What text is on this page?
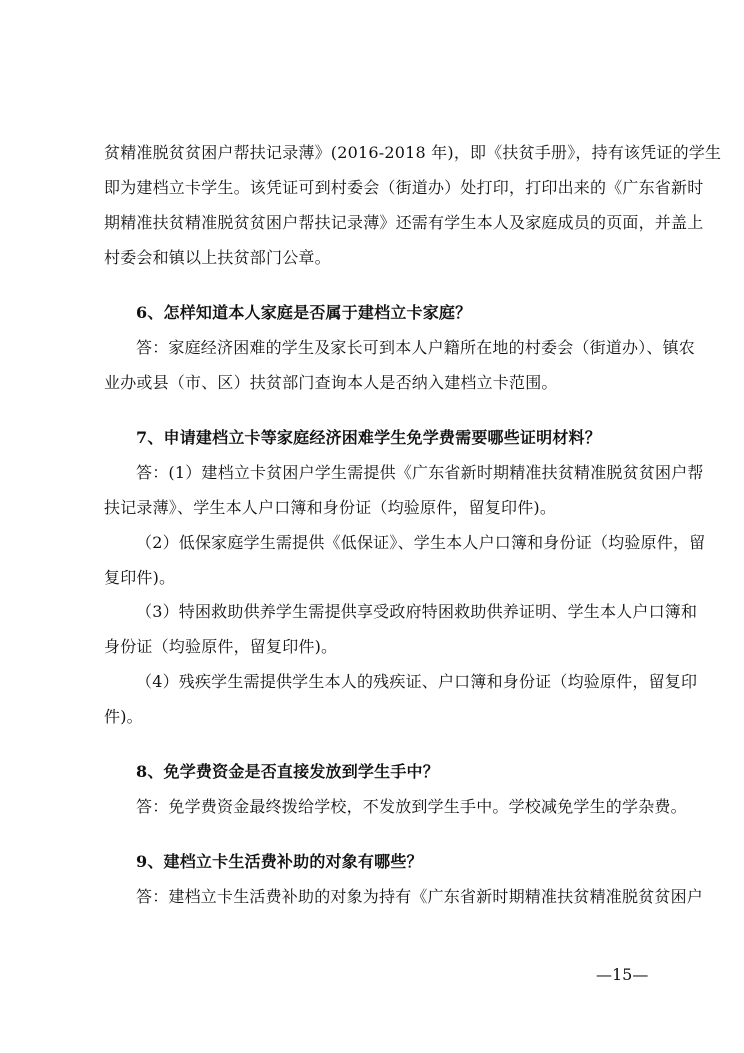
贫精准脱贫贫困户帮扶记录薄》(2016-2018 年)，即《扶贫手册》，持有该凭证的学生
即为建档立卡学生。该凭证可到村委会（街道办）处打印，打印出来的《广东省新时
期精准扶贫精准脱贫贫困户帮扶记录薄》还需有学生本人及家庭成员的页面，并盖上
村委会和镇以上扶贫部门公章。
6、怎样知道本人家庭是否属于建档立卡家庭？
答：家庭经济困难的学生及家长可到本人户籍所在地的村委会（街道办）、镇农
业办或县（市、区）扶贫部门查询本人是否纳入建档立卡范围。
7、申请建档立卡等家庭经济困难学生免学费需要哪些证明材料？
答：(1）建档立卡贫困户学生需提供《广东省新时期精准扶贫精准脱贫贫困户帮
扶记录薄》、学生本人户口簿和身份证（均验原件，留复印件)。
（2）低保家庭学生需提供《低保证》、学生本人户口簿和身份证（均验原件，留
复印件)。
（3）特困救助供养学生需提供享受政府特困救助供养证明、学生本人户口簿和
身份证（均验原件，留复印件)。
（4）残疾学生需提供学生本人的残疾证、户口簿和身份证（均验原件，留复印
件)。
8、免学费资金是否直接发放到学生手中？
答：免学费资金最终拨给学校，不发放到学生手中。学校减免学生的学杂费。
9、建档立卡生活费补助的对象有哪些？
答：建档立卡生活费补助的对象为持有《广东省新时期精准扶贫精准脱贫贫困户
—15—
